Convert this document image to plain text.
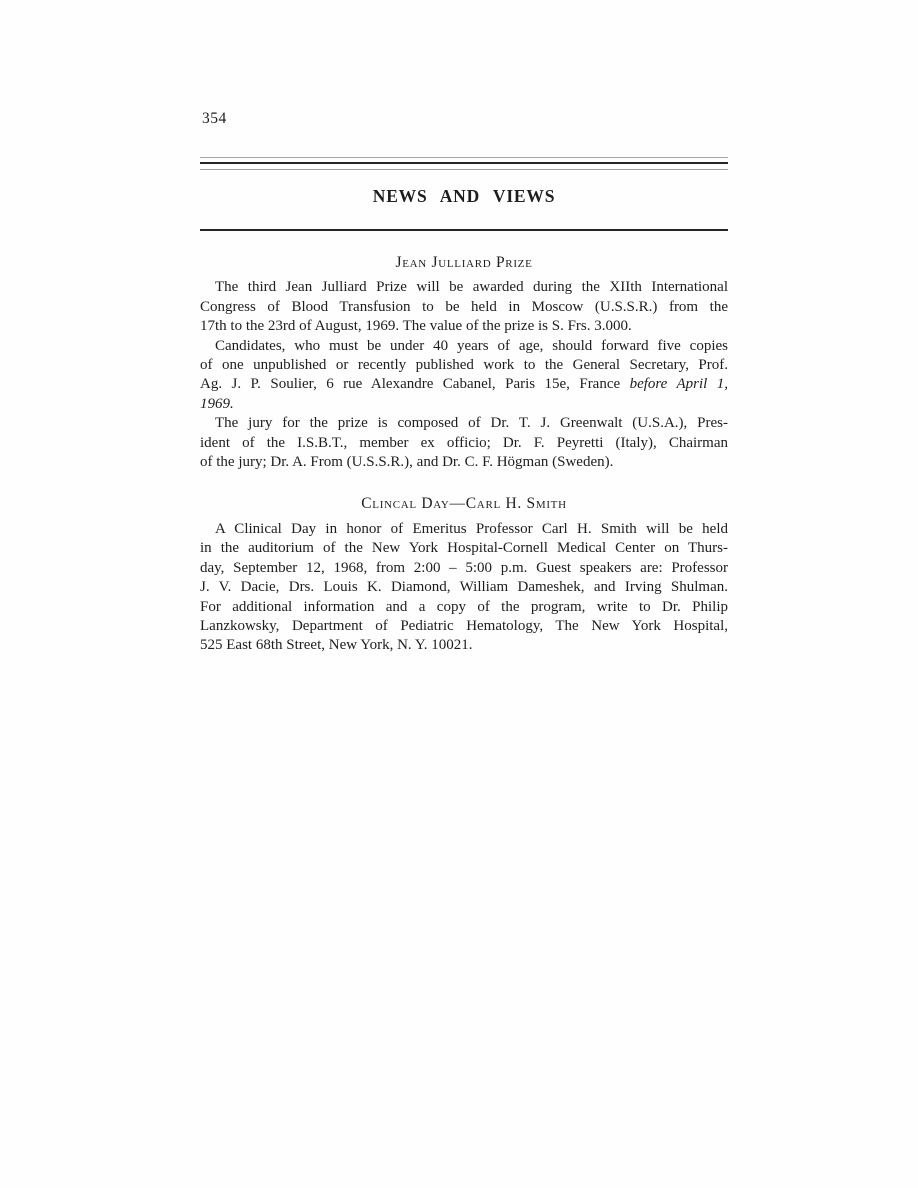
354
NEWS AND VIEWS
Jean Julliard Prize
The third Jean Julliard Prize will be awarded during the XIIth International
Congress of Blood Transfusion to be held in Moscow (U.S.S.R.) from the
17th to the 23rd of August, 1969. The value of the prize is S. Frs. 3.000.
Candidates, who must be under 40 years of age, should forward five copies
of one unpublished or recently published work to the General Secretary, Prof.
Ag. J. P. Soulier, 6 rue Alexandre Cabanel, Paris 15e, France before April 1,
1969.
The jury for the prize is composed of Dr. T. J. Greenwalt (U.S.A.), Pres-
ident of the I.S.B.T., member ex officio; Dr. F. Peyretti (Italy), Chairman
of the jury; Dr. A. From (U.S.S.R.), and Dr. C. F. Högman (Sweden).
Clincal Day—Carl H. Smith
A Clinical Day in honor of Emeritus Professor Carl H. Smith will be held
in the auditorium of the New York Hospital-Cornell Medical Center on Thurs-
day, September 12, 1968, from 2:00 – 5:00 p.m. Guest speakers are: Professor
J. V. Dacie, Drs. Louis K. Diamond, William Dameshek, and Irving Shulman.
For additional information and a copy of the program, write to Dr. Philip
Lanzkowsky, Department of Pediatric Hematology, The New York Hospital,
525 East 68th Street, New York, N. Y. 10021.
